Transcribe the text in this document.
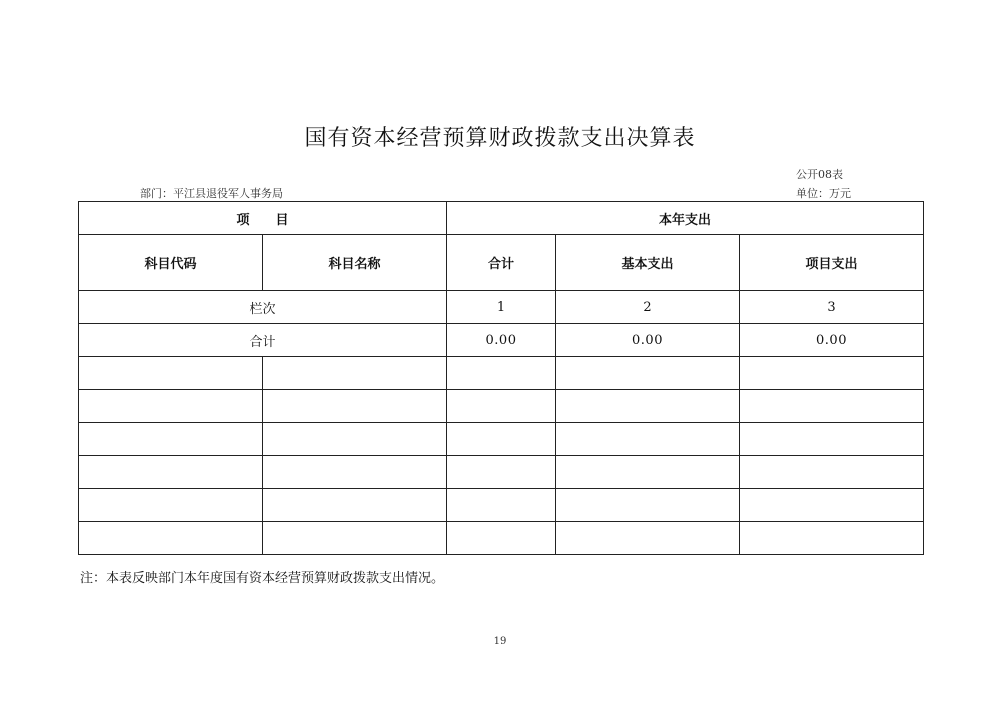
国有资本经营预算财政拨款支出决算表
公开08表
部门：平江县退役军人事务局	单位：万元
项　　目		本年支出		
科目代码	科目名称	合计	基本支出	项目支出
栏次		1	2	3
合计		0.00	0.00	0.00

注：本表反映部门本年度国有资本经营预算财政拨款支出情况。
19
